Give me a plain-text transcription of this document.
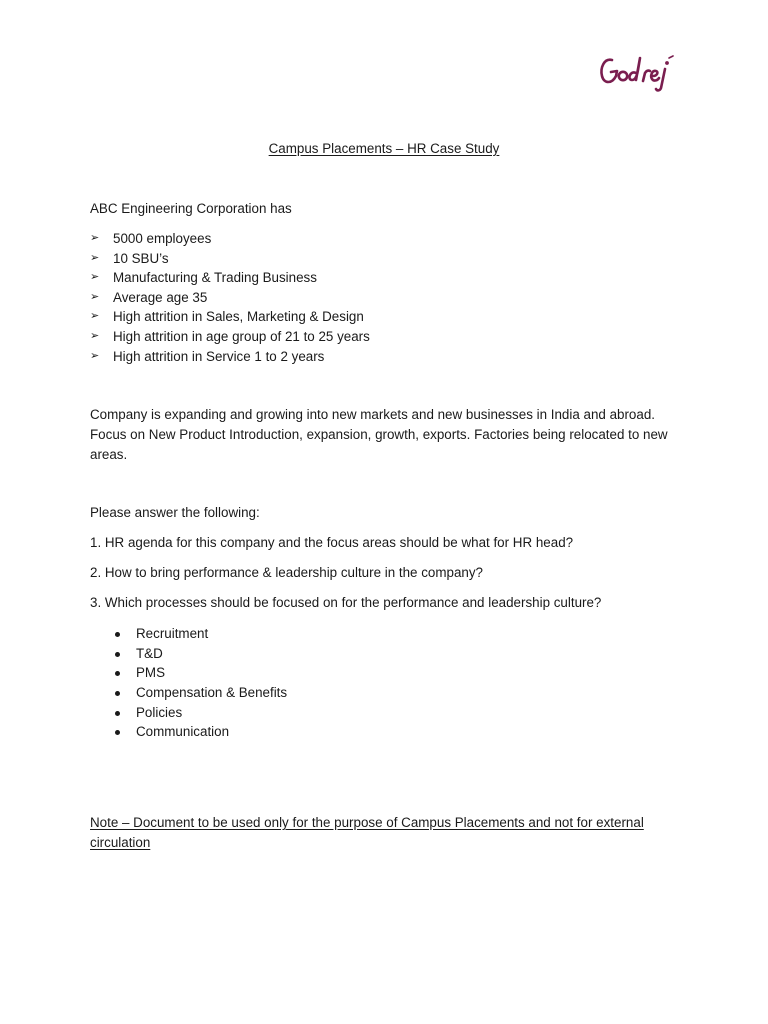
Campus Placements – HR Case Study
ABC Engineering Corporation has
➢ 5000 employees
➢ 10 SBU’s
➢ Manufacturing & Trading Business
➢ Average age 35
➢ High attrition in Sales, Marketing & Design
➢ High attrition in age group of 21 to 25 years
➢ High attrition in Service 1 to 2 years
Company is expanding and growing into new markets and new businesses in India and abroad. Focus on New Product Introduction, expansion, growth, exports. Factories being relocated to new areas.
Please answer the following:
1. HR agenda for this company and the focus areas should be what for HR head?
2. How to bring performance & leadership culture in the company?
3. Which processes should be focused on for the performance and leadership culture?
Recruitment
T&D
PMS
Compensation & Benefits
Policies
Communication
Note – Document to be used only for the purpose of Campus Placements and not for external circulation
